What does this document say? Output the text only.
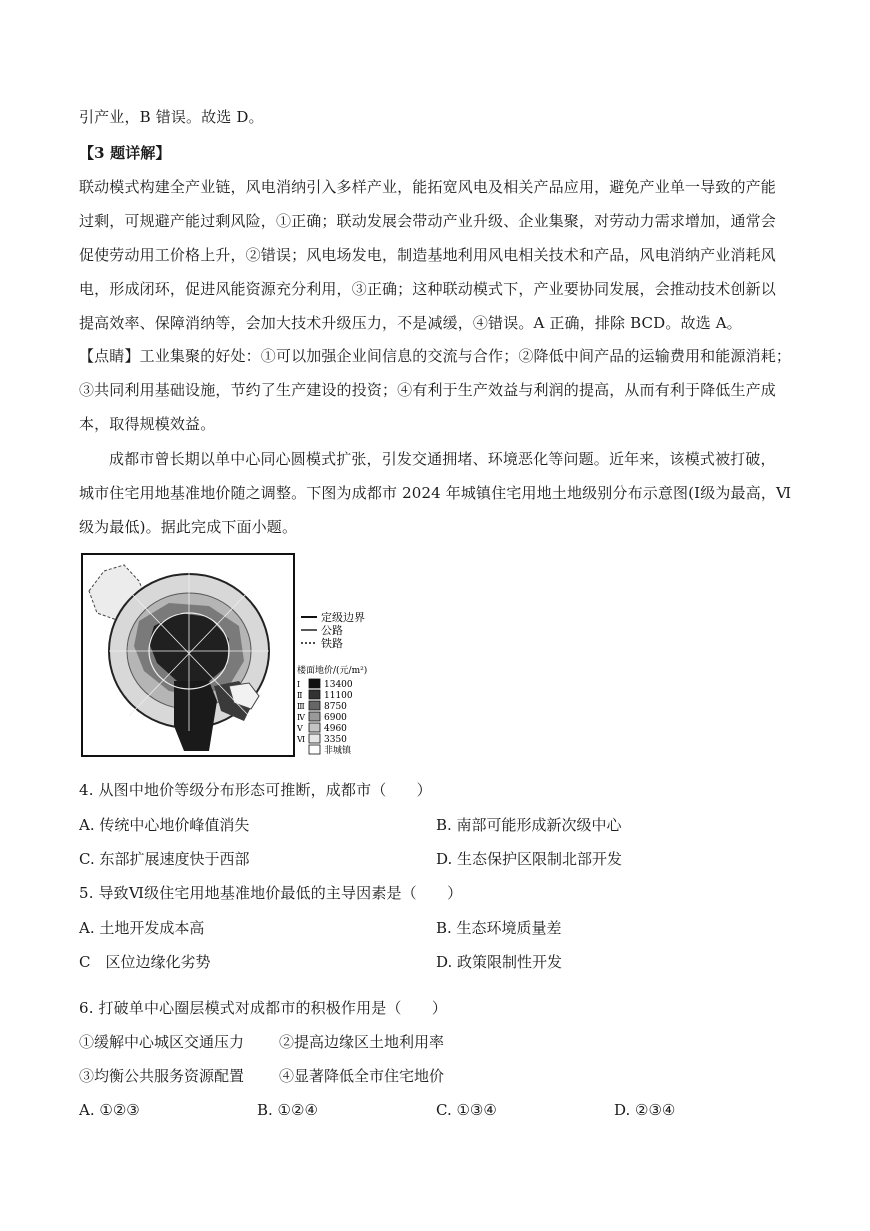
引产业，B 错误。故选 D。
【3 题详解】
联动模式构建全产业链，风电消纳引入多样产业，能拓宽风电及相关产品应用，避免产业单一导致的产能
过剩，可规避产能过剩风险，①正确；联动发展会带动产业升级、企业集聚，对劳动力需求增加，通常会
促使劳动用工价格上升，②错误；风电场发电，制造基地利用风电相关技术和产品，风电消纳产业消耗风
电，形成闭环，促进风能资源充分利用，③正确；这种联动模式下，产业要协同发展，会推动技术创新以
提高效率、保障消纳等，会加大技术升级压力，不是减缓，④错误。A 正确，排除 BCD。故选 A。
【点睛】工业集聚的好处：①可以加强企业间信息的交流与合作；②降低中间产品的运输费用和能源消耗；
③共同利用基础设施，节约了生产建设的投资；④有利于生产效益与利润的提高，从而有利于降低生产成
本，取得规模效益。
成都市曾长期以单中心同心圆模式扩张，引发交通拥堵、环境恶化等问题。近年来，该模式被打破，
城市住宅用地基准地价随之调整。下图为成都市 2024 年城镇住宅用地土地级别分布示意图(Ⅰ级为最高，Ⅵ
级为最低)。据此完成下面小题。
定级边界
公路
铁路
楼面地价/(元/m²)
Ⅰ	13400
Ⅱ 11100
Ⅲ 8750
Ⅳ 6900
Ⅴ 4960
Ⅵ 3350
非城镇
4. 从图中地价等级分布形态可推断，成都市（　　）
A. 传统中心地价峰值消失	B. 南部可能形成新次级中心
C. 东部扩展速度快于西部	D. 生态保护区限制北部开发
5. 导致Ⅵ级住宅用地基准地价最低的主导因素是（　　）
A. 土地开发成本高	B. 生态环境质量差
C　区位边缘化劣势	D. 政策限制性开发
6. 打破单中心圈层模式对成都市的积极作用是（　　）
①缓解中心城区交通压力 ②提高边缘区土地利用率
③均衡公共服务资源配置 ④显著降低全市住宅地价
A. ①②③	B. ①②④	C. ①③④	D. ②③④
